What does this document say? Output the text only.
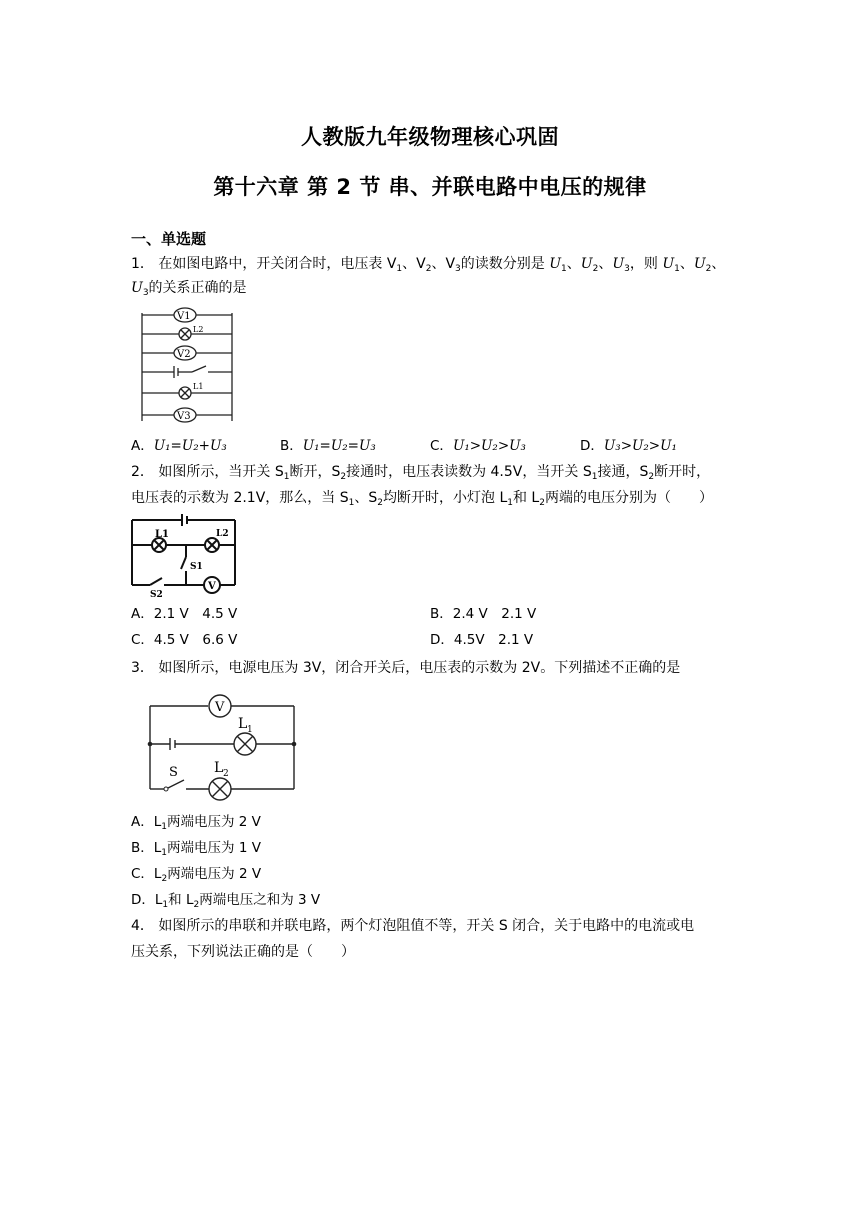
人教版九年级物理核心巩固
第十六章 第 2 节 串、并联电路中电压的规律
一、单选题
1． 在如图电路中，开关闭合时，电压表 $V_1$、$V_2$、$V_3$的读数分别是 $U_1$、$U_2$、$U_3$，则 $U_1$、$U_2$、
$U_3$的关系正确的是
V1
L2
V2
L1
V3
A．U₁=U₂+U₃	B．U₁=U₂=U₃	C．U₁>U₂>U₃	D．U₃>U₂>U₁
2． 如图所示，当开关 $S_1$断开，$S_2$接通时，电压表读数为 4.5V，当开关 $S_1$接通，$S_2$断开时，
电压表的示数为 2.1V，那么，当 $S_1$、$S_2$均断开时，小灯泡 $L_1$和 $L_2$两端的电压分别为（　　）
L1	L2
S1
S2
V
A．2.1 V　4.5 V	B．2.4 V　2.1 V
C．4.5 V　6.6 V	D．4.5V　2.1 V
3． 如图所示，电源电压为 3V，闭合开关后，电压表的示数为 2V。下列描述不正确的是
V
L 1
L 2
S
A．$L_1$两端电压为 2 V
B．$L_1$两端电压为 1 V
C．$L_2$两端电压为 2 V
D．$L_1$和 $L_2$两端电压之和为 3 V
4． 如图所示的串联和并联电路，两个灯泡阻值不等，开关 S 闭合，关于电路中的电流或电
压关系，下列说法正确的是（　　）
